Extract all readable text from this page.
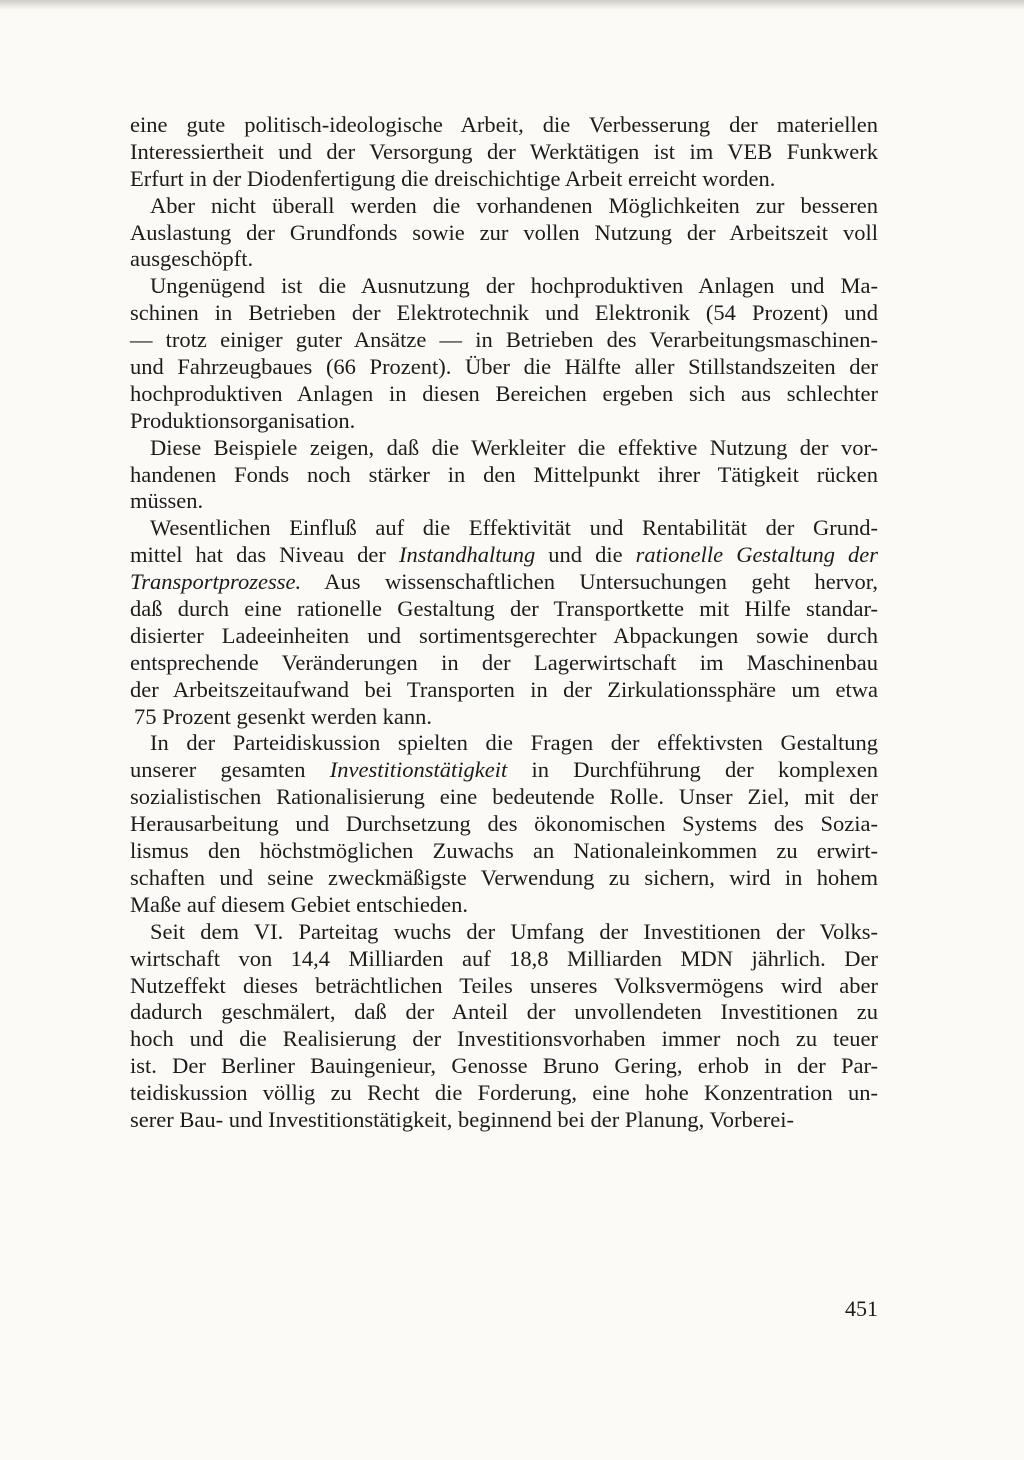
eine gute politisch-ideologische Arbeit, die Verbesserung der materiellen
Interessiertheit und der Versorgung der Werktätigen ist im VEB Funkwerk
Erfurt in der Diodenfertigung die dreischichtige Arbeit erreicht worden.
Aber nicht überall werden die vorhandenen Möglichkeiten zur besseren
Auslastung der Grundfonds sowie zur vollen Nutzung der Arbeitszeit voll
ausgeschöpft.
Ungenügend ist die Ausnutzung der hochproduktiven Anlagen und Ma-
schinen in Betrieben der Elektrotechnik und Elektronik (54 Prozent) und
— trotz einiger guter Ansätze — in Betrieben des Verarbeitungsmaschinen-
und Fahrzeugbaues (66 Prozent). Über die Hälfte aller Stillstandszeiten der
hochproduktiven Anlagen in diesen Bereichen ergeben sich aus schlechter
Produktionsorganisation.
Diese Beispiele zeigen, daß die Werkleiter die effektive Nutzung der vor-
handenen Fonds noch stärker in den Mittelpunkt ihrer Tätigkeit rücken
müssen.
Wesentlichen Einfluß auf die Effektivität und Rentabilität der Grund-
mittel hat das Niveau der Instandhaltung und die rationelle Gestaltung der
Transportprozesse. Aus wissenschaftlichen Untersuchungen geht hervor,
daß durch eine rationelle Gestaltung der Transportkette mit Hilfe standar-
disierter Ladeeinheiten und sortimentsgerechter Abpackungen sowie durch
entsprechende Veränderungen in der Lagerwirtschaft im Maschinenbau
der Arbeitszeitaufwand bei Transporten in der Zirkulationssphäre um etwa
75 Prozent gesenkt werden kann.
In der Parteidiskussion spielten die Fragen der effektivsten Gestaltung
unserer gesamten Investitionstätigkeit in Durchführung der komplexen
sozialistischen Rationalisierung eine bedeutende Rolle. Unser Ziel, mit der
Herausarbeitung und Durchsetzung des ökonomischen Systems des Sozia-
lismus den höchstmöglichen Zuwachs an Nationaleinkommen zu erwirt-
schaften und seine zweckmäßigste Verwendung zu sichern, wird in hohem
Maße auf diesem Gebiet entschieden.
Seit dem VI. Parteitag wuchs der Umfang der Investitionen der Volks-
wirtschaft von 14,4 Milliarden auf 18,8 Milliarden MDN jährlich. Der
Nutzeffekt dieses beträchtlichen Teiles unseres Volksvermögens wird aber
dadurch geschmälert, daß der Anteil der unvollendeten Investitionen zu
hoch und die Realisierung der Investitionsvorhaben immer noch zu teuer
ist. Der Berliner Bauingenieur, Genosse Bruno Gering, erhob in der Par-
teidiskussion völlig zu Recht die Forderung, eine hohe Konzentration un-
serer Bau- und Investitionstätigkeit, beginnend bei der Planung, Vorberei-
451
